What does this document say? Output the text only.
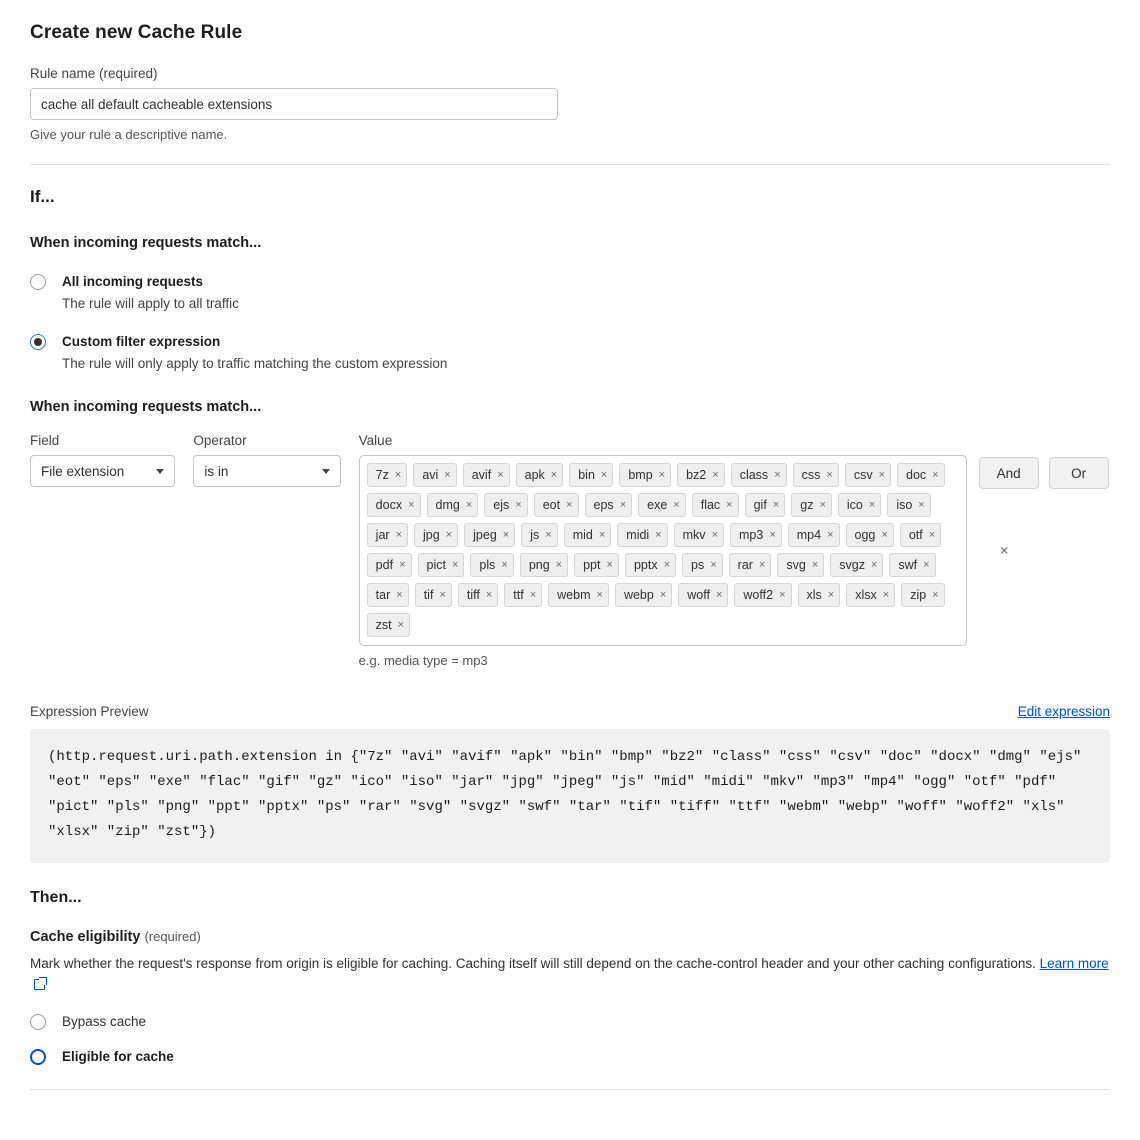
Create new Cache Rule
Rule name (required)
cache all default cacheable extensions
Give your rule a descriptive name.
If...
When incoming requests match...
All incoming requests
The rule will apply to all traffic
Custom filter expression
The rule will only apply to traffic matching the custom expression
When incoming requests match...
Field
File extension
Operator
is in
Value
7z × avi × avif × apk × bin × bmp × bz2 × class × css × csv × doc ×
docx × dmg × ejs × eot × eps × exe × flac × gif × gz × ico × iso ×
jar × jpg × jpeg × js × mid × midi × mkv × mp3 × mp4 × ogg × otf ×
pdf × pict × pls × png × ppt × pptx × ps × rar × svg × svgz × swf ×
tar × tif × tiff × ttf × webm × webp × woff × woff2 × xls × xlsx × zip ×
zst ×
×
e.g. media type = mp3
And	Or
Expression Preview	Edit expression
(http.request.uri.path.extension in {"7z" "avi" "avif" "apk" "bin" "bmp" "bz2" "class" "css" "csv" "doc" "docx" "dmg" "ejs" "eot" "eps" "exe" "flac" "gif" "gz" "ico" "iso" "jar" "jpg" "jpeg" "js" "mid" "midi" "mkv" "mp3" "mp4" "ogg" "otf" "pdf" "pict" "pls" "png" "ppt" "pptx" "ps" "rar" "svg" "svgz" "swf" "tar" "tif" "tiff" "ttf" "webm" "webp" "woff" "woff2" "xls" "xlsx" "zip" "zst"})
Then...
Cache eligibility (required)
Mark whether the request's response from origin is eligible for caching. Caching itself will still depend on the cache-control header and your other caching configurations. Learn more
Bypass cache
Eligible for cache
